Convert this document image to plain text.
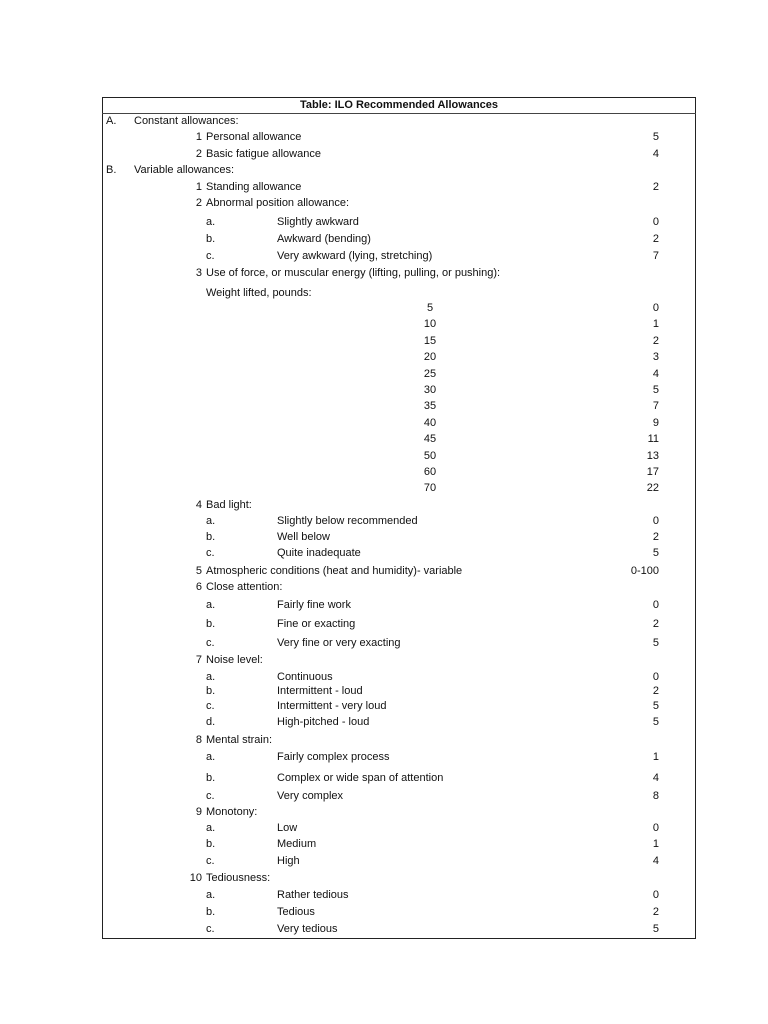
Table: ILO Recommended Allowances
A. Constant allowances:
1 Personal allowance	5
2 Basic fatigue allowance	4
B. Variable allowances:
1 Standing allowance	2
2 Abnormal position allowance:
a.	Slightly awkward	0
b.	Awkward (bending)	2
c.	Very awkward (lying, stretching)	7
3 Use of force, or muscular energy (lifting, pulling, or pushing):
Weight lifted, pounds:
5	0
10	1
15	2
20	3
25	4
30	5
35	7
40	9
45	11
50	13
60	17
70	22
4 Bad light:
a.	Slightly below recommended	0
b.	Well below	2
c.	Quite inadequate	5
5 Atmospheric conditions (heat and humidity)- variable	0-100
6 Close attention:
a.	Fairly fine work	0
b.	Fine or exacting	2
c.	Very fine or very exacting	5
7 Noise level:
a.	Continuous	0
b.	Intermittent - loud	2
c.	Intermittent - very loud	5
d.	High-pitched - loud	5
8 Mental strain:
a.	Fairly complex process	1
b.	Complex or wide span of attention	4
c.	Very complex	8
9 Monotony:
a.	Low	0
b.	Medium	1
c.	High	4
10 Tediousness:
a.	Rather tedious	0
b.	Tedious	2
c.	Very tedious	5
